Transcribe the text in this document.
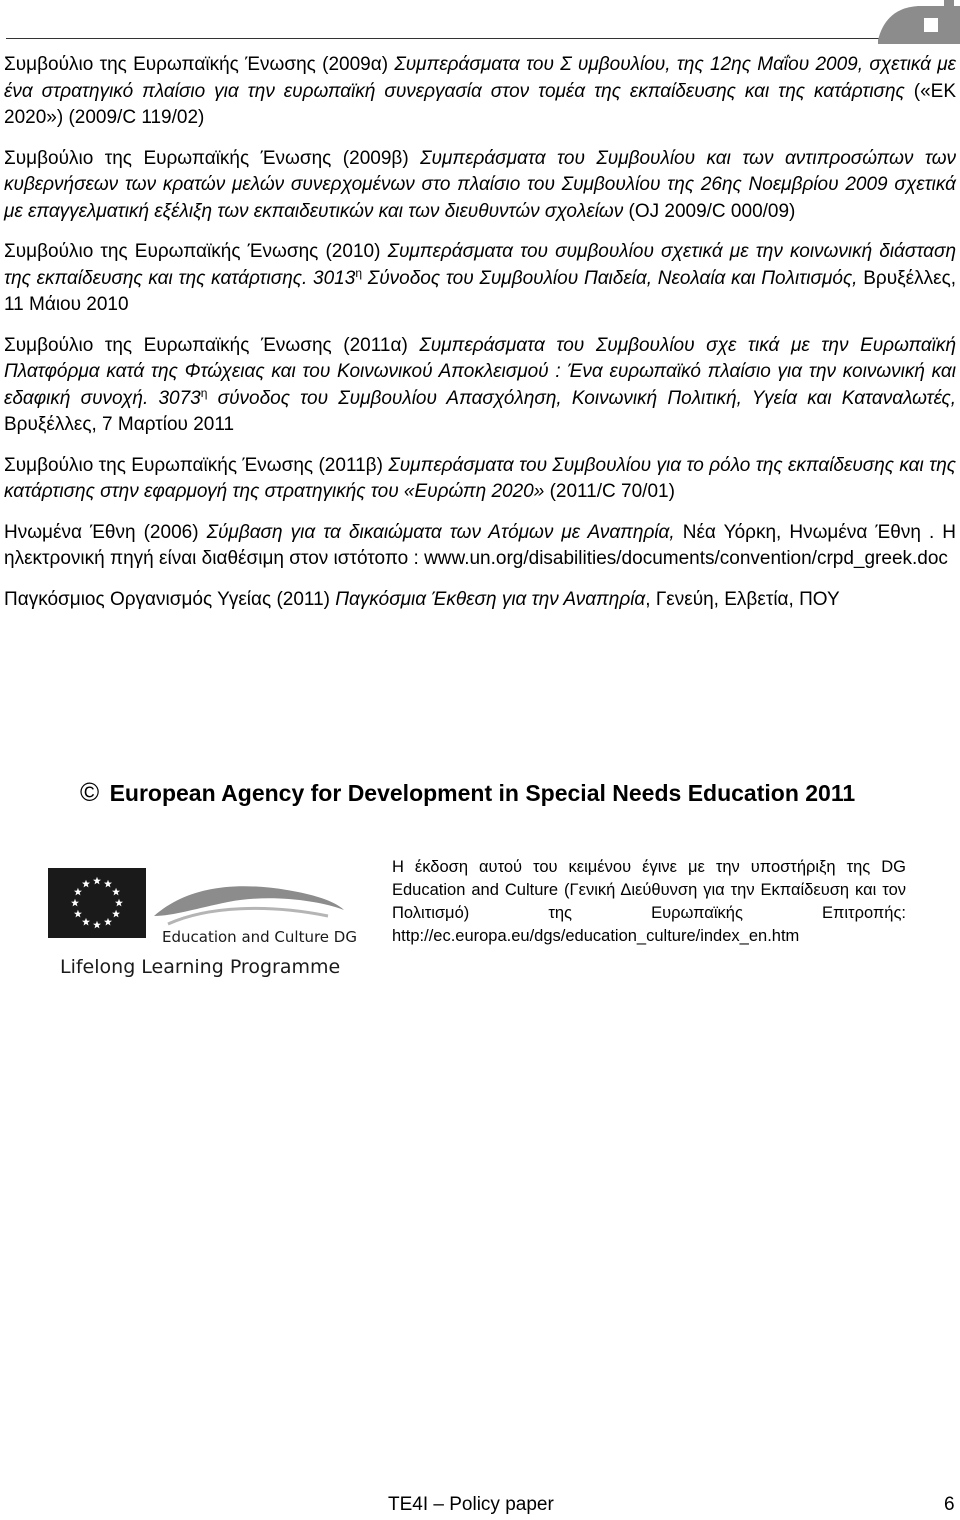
Συμβούλιο της Ευρωπαϊκής Ένωσης (2009α) Συμπεράσματα του Σ υμβουλίου, της 12ης Μαΐου 2009, σχετικά με ένα στρατηγικό πλαίσιο για την ευρωπαϊκή συνεργασία στον τομέα της εκπαίδευσης και της κατάρτισης («ΕΚ 2020») (2009/C 119/02)

Συμβούλιο της Ευρωπαϊκής Ένωσης (2009β) Συμπεράσματα του Συμβουλίου και των αντιπροσώπων των κυβερνήσεων των κρατών μελών συνερχομένων στο πλαίσιο του Συμβουλίου της 26ης Νοεμβρίου 2009 σχετικά με επαγγελματική εξέλιξη των εκπαιδευτικών και των διευθυντών σχολείων (OJ 2009/C 000/09)

Συμβούλιο της Ευρωπαϊκής Ένωσης (2010) Συμπεράσματα του συμβουλίου σχετικά με την κοινωνική διάσταση της εκπαίδευσης και της κατάρτισης. $3013^\eta$ Σύνοδος του Συμβουλίου Παιδεία, Νεολαία και Πολιτισμός, Βρυξέλλες, 11 Μάιου 2010

Συμβούλιο της Ευρωπαϊκής Ένωσης (2011α) Συμπεράσματα του Συμβουλίου σχε τικά με την Ευρωπαϊκή Πλατφόρμα κατά της Φτώχειας και του Κοινωνικού Αποκλεισμού : Ένα ευρωπαϊκό πλαίσιο για την κοινωνική και εδαφική συνοχή. $3073^\eta$ σύνοδος του Συμβουλίου Απασχόληση, Κοινωνική Πολιτική, Υγεία και Καταναλωτές, Βρυξέλλες, 7 Μαρτίου 2011

Συμβούλιο της Ευρωπαϊκής Ένωσης (2011β) Συμπεράσματα του Συμβουλίου για το ρόλο της εκπαίδευσης και της κατάρτισης στην εφαρμογή της στρατηγικής του «Ευρώπη 2020» (2011/C 70/01)

Ηνωμένα Έθνη (2006) Σύμβαση για τα δικαιώματα των Ατόμων με Αναπηρία, Νέα Υόρκη, Ηνωμένα Έθνη . Η ηλεκτρονική πηγή είναι διαθέσιμη στον ιστότοπο : www.un.org/disabilities/documents/convention/crpd_greek.doc

Παγκόσμιος Οργανισμός Υγείας (2011) Παγκόσμια Έκθεση για την Αναπηρία, Γενεύη, Ελβετία, ΠΟΥ

© European Agency for Development in Special Needs Education 2011
Education and Culture DG
Lifelong Learning Programme
Η έκδοση αυτού του κειμένου έγινε με την υποστήριξη της DG Education and Culture (Γενική Διεύθυνση για την Εκπαίδευση και τον Πολιτισμό) της Ευρωπαϊκής Επιτροπής: http://ec.europa.eu/dgs/education_culture/index_en.htm
TE4I – Policy paper	6
